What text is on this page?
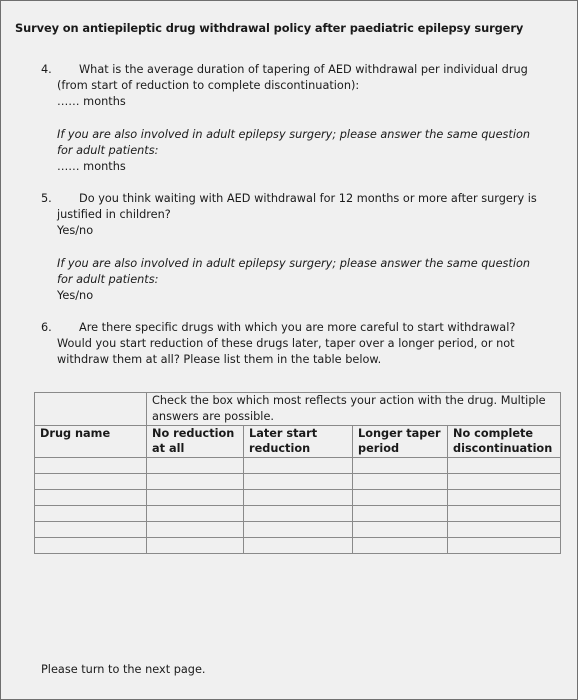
Survey on antiepileptic drug withdrawal policy after paediatric epilepsy surgery
4.	What is the average duration of tapering of AED withdrawal per individual drug (from start of reduction to complete discontinuation):
…… months
If you are also involved in adult epilepsy surgery; please answer the same question for adult patients:
…… months
5.	Do you think waiting with AED withdrawal for 12 months or more after surgery is justified in children?
Yes/no
If you are also involved in adult epilepsy surgery; please answer the same question for adult patients:
Yes/no
6.	Are there specific drugs with which you are more careful to start withdrawal? Would you start reduction of these drugs later, taper over a longer period, or not withdraw them at all? Please list them in the table below.
	Check the box which most reflects your action with the drug. Multiple answers are possible.			
Drug name	No reduction at all	Later start reduction	Longer taper period	No complete discontinuation

Please turn to the next page.
